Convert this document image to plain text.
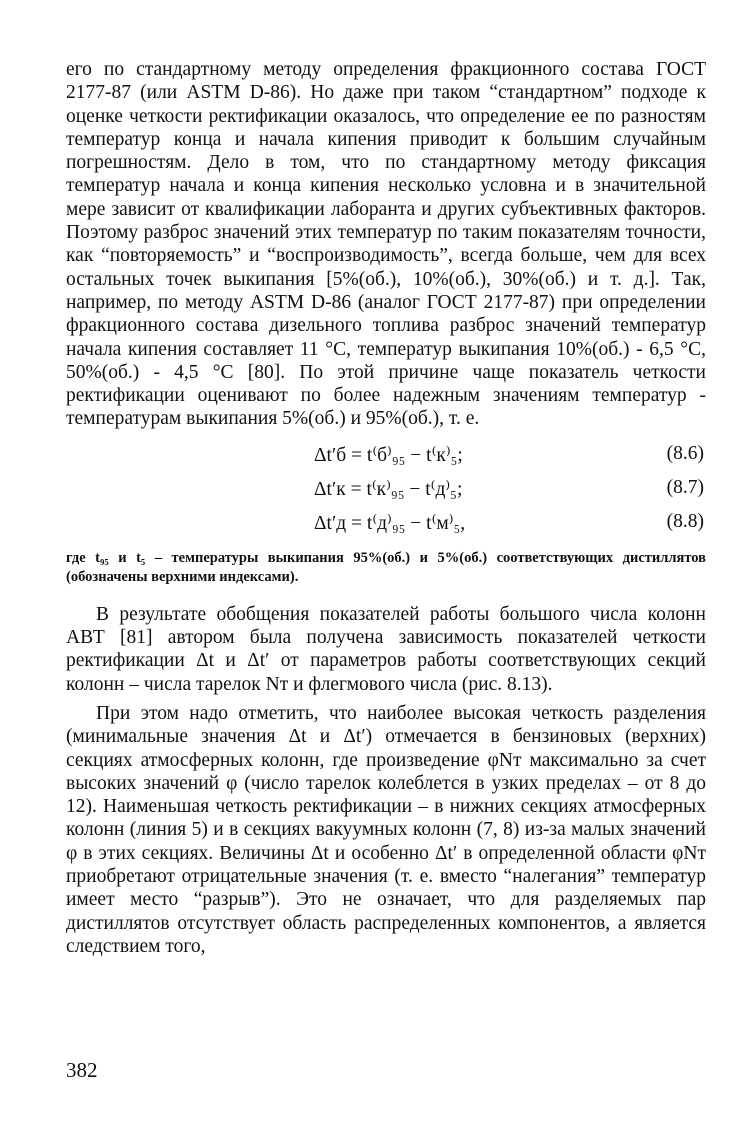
его по стандартному методу определения фракционного состава ГОСТ 2177-87 (или ASTM D-86). Но даже при таком “стандартном” подходе к оценке четкости ректификации оказалось, что определение ее по разностям температур конца и начала кипения приводит к большим случайным погрешностям. Дело в том, что по стандартному методу фиксация температур начала и конца кипения несколько условна и в значительной мере зависит от квалификации лаборанта и других субъективных факторов. Поэтому разброс значений этих температур по таким показателям точности, как “повторяемость” и “воспроизводимость”, всегда больше, чем для всех остальных точек выкипания [5%(об.), 10%(об.), 30%(об.) и т. д.]. Так, например, по методу ASTM D-86 (аналог ГОСТ 2177-87) при определении фракционного состава дизельного топлива разброс значений температур начала кипения составляет 11 °С, температур выкипания 10%(об.) - 6,5 °С, 50%(об.) - 4,5 °С [80]. По этой причине чаще показатель четкости ректификации оценивают по более надежным значениям температур - температурам выкипания 5%(об.) и 95%(об.), т. е.

Δt′б = t⁽б⁾₉₅ − t⁽к⁾₅;	(8.6)
Δt′к = t⁽к⁾₉₅ − t⁽д⁾₅;	(8.7)
Δt′д = t⁽д⁾₉₅ − t⁽м⁾₅,	(8.8)

где t₉₅ и t₅ – температуры выкипания 95%(об.) и 5%(об.) соответствующих дистиллятов (обозначены верхними индексами).

В результате обобщения показателей работы большого числа колонн АВТ [81] автором была получена зависимость показателей четкости ректификации Δt и Δt′ от параметров работы соответствующих секций колонн – числа тарелок Nт и флегмового числа (рис. 8.13).

При этом надо отметить, что наиболее высокая четкость разделения (минимальные значения Δt и Δt′) отмечается в бензиновых (верхних) секциях атмосферных колонн, где произведение φNт максимально за счет высоких значений φ (число тарелок колеблется в узких пределах – от 8 до 12). Наименьшая четкость ректификации – в нижних секциях атмосферных колонн (линия 5) и в секциях вакуумных колонн (7, 8) из-за малых значений φ в этих секциях. Величины Δt и особенно Δt′ в определенной области φNт приобретают отрицательные значения (т. е. вместо “налегания” температур имеет место “разрыв”). Это не означает, что для разделяемых пар дистиллятов отсутствует область распределенных компонентов, а является следствием того,

382
